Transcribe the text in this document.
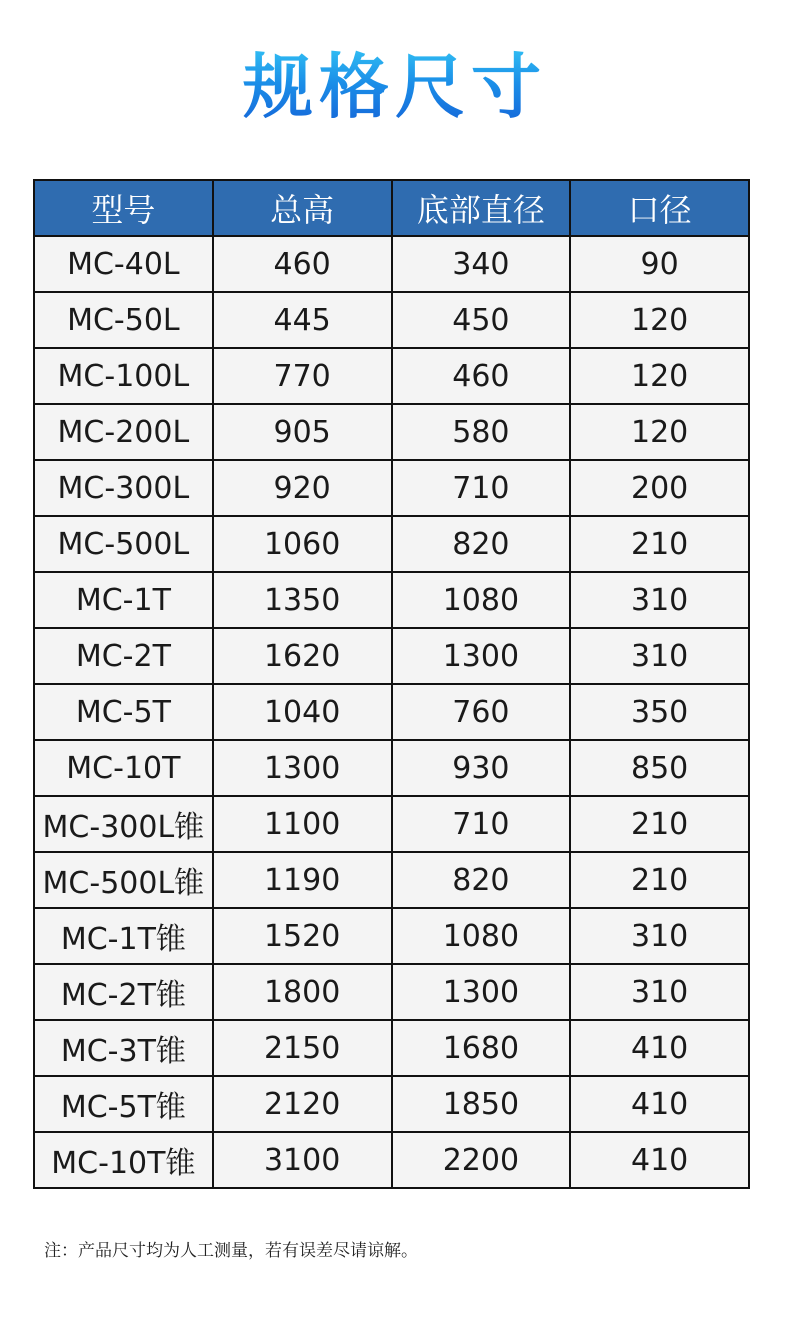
规格尺寸
型号	总高	底部直径	口径
MC-40L	460	340	90
MC-50L	445	450	120
MC-100L	770	460	120
MC-200L	905	580	120
MC-300L	920	710	200
MC-500L	1060	820	210
MC-1T	1350	1080	310
MC-2T	1620	1300	310
MC-5T	1040	760	350
MC-10T	1300	930	850
MC-300L锥	1100	710	210
MC-500L锥	1190	820	210
MC-1T锥	1520	1080	310
MC-2T锥	1800	1300	310
MC-3T锥	2150	1680	410
MC-5T锥	2120	1850	410
MC-10T锥	3100	2200	410
注：产品尺寸均为人工测量，若有误差尽请谅解。
